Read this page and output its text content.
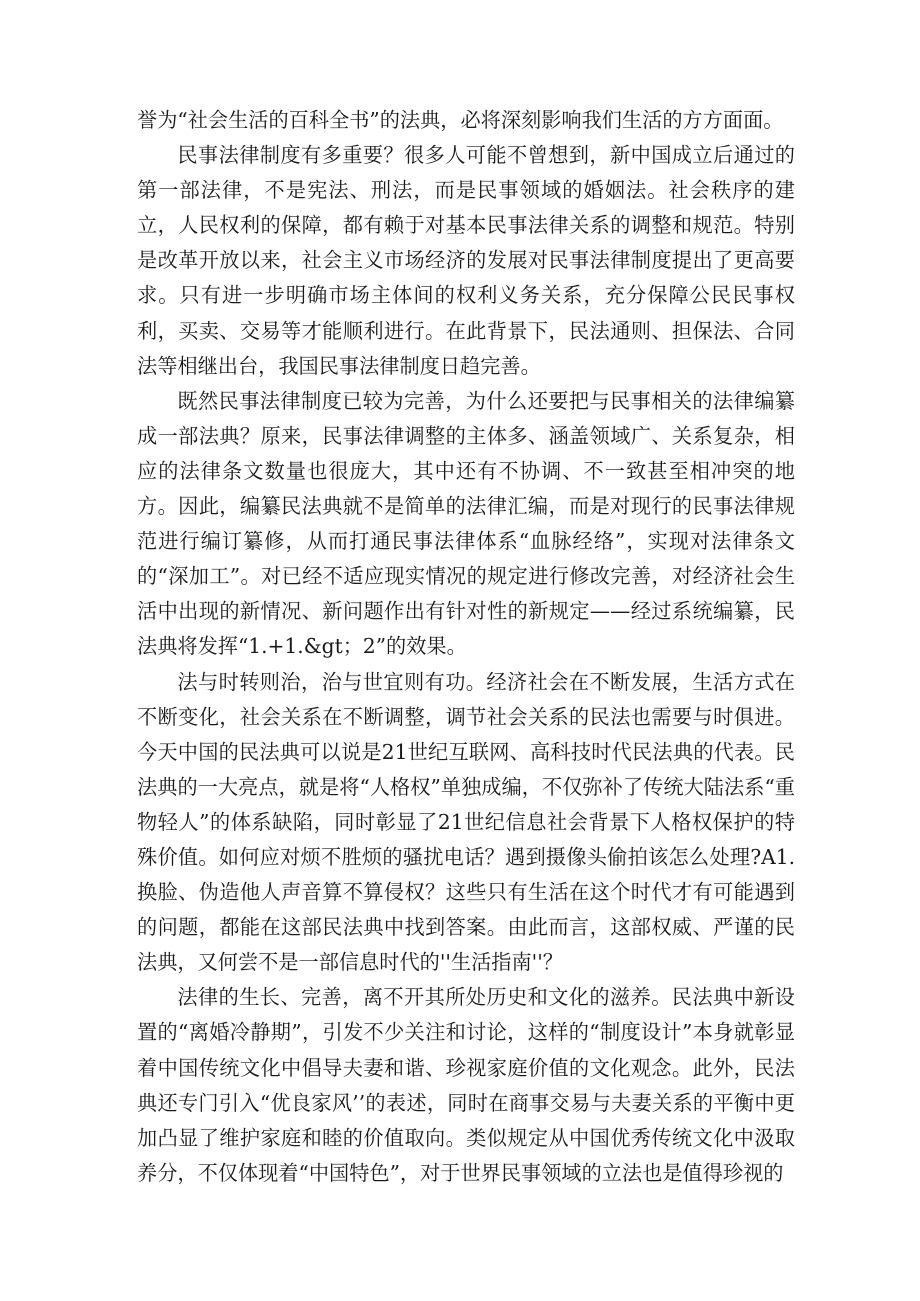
誉为“社会生活的百科全书”的法典，必将深刻影响我们生活的方方面面。

民事法律制度有多重要？很多人可能不曾想到，新中国成立后通过的第一部法律，不是宪法、刑法，而是民事领域的婚姻法。社会秩序的建立，人民权利的保障，都有赖于对基本民事法律关系的调整和规范。特别是改革开放以来，社会主义市场经济的发展对民事法律制度提出了更高要求。只有进一步明确市场主体间的权利义务关系，充分保障公民民事权利，买卖、交易等才能顺利进行。在此背景下，民法通则、担保法、合同法等相继出台，我国民事法律制度日趋完善。

既然民事法律制度已较为完善，为什么还要把与民事相关的法律编纂成一部法典？原来，民事法律调整的主体多、涵盖领域广、关系复杂，相应的法律条文数量也很庞大，其中还有不协调、不一致甚至相冲突的地方。因此，编纂民法典就不是简单的法律汇编，而是对现行的民事法律规范进行编订纂修，从而打通民事法律体系“血脉经络”，实现对法律条文的“深加工”。对已经不适应现实情况的规定进行修改完善，对经济社会生活中出现的新情况、新问题作出有针对性的新规定——经过系统编纂，民法典将发挥“1.+1.&gt；2”的效果。

法与时转则治，治与世宜则有功。经济社会在不断发展，生活方式在不断变化，社会关系在不断调整，调节社会关系的民法也需要与时俱进。今天中国的民法典可以说是21世纪互联网、高科技时代民法典的代表。民法典的一大亮点，就是将“人格权”单独成编，不仅弥补了传统大陆法系“重物轻人”的体系缺陷，同时彰显了21世纪信息社会背景下人格权保护的特殊价值。如何应对烦不胜烦的骚扰电话？遇到摄像头偷拍该怎么处理?A1.换脸、伪造他人声音算不算侵权？这些只有生活在这个时代才有可能遇到的问题，都能在这部民法典中找到答案。由此而言，这部权威、严谨的民法典，又何尝不是一部信息时代的''生活指南''？

法律的生长、完善，离不开其所处历史和文化的滋养。民法典中新设置的“离婚冷静期”，引发不少关注和讨论，这样的“制度设计”本身就彰显着中国传统文化中倡导夫妻和谐、珍视家庭价值的文化观念。此外，民法典还专门引入“优良家风’’的表述，同时在商事交易与夫妻关系的平衡中更加凸显了维护家庭和睦的价值取向。类似规定从中国优秀传统文化中汲取养分，不仅体现着“中国特色”，对于世界民事领域的立法也是值得珍视的
